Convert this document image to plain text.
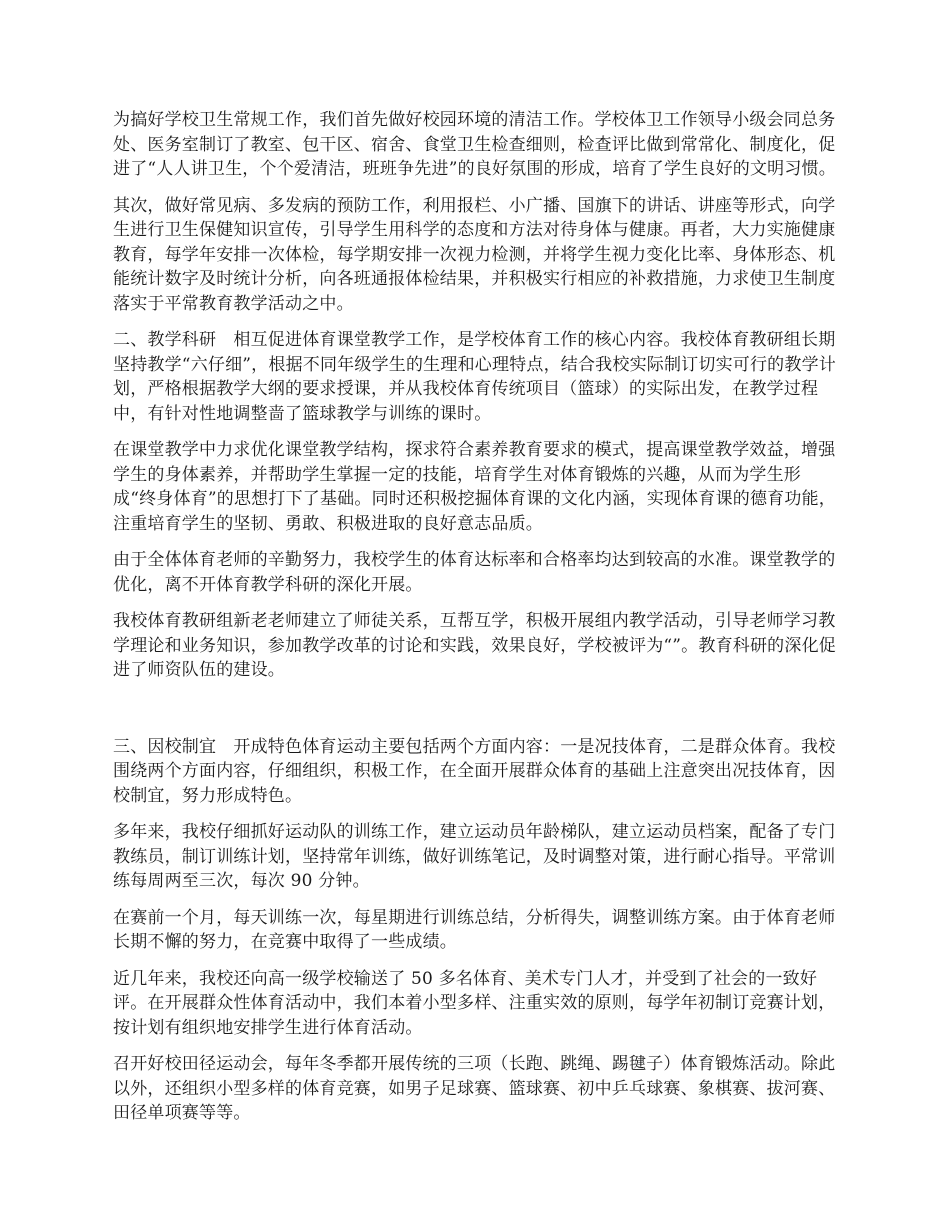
为搞好学校卫生常规工作，我们首先做好校园环境的清洁工作。学校体卫工作领导小级会同总务处、医务室制订了教室、包干区、宿舍、食堂卫生检查细则，检查评比做到常常化、制度化，促进了“人人讲卫生，个个爱清洁，班班争先进”的良好氛围的形成，培育了学生良好的文明习惯。

其次，做好常见病、多发病的预防工作，利用报栏、小广播、国旗下的讲话、讲座等形式，向学生进行卫生保健知识宣传，引导学生用科学的态度和方法对待身体与健康。再者，大力实施健康教育，每学年安排一次体检，每学期安排一次视力检测，并将学生视力变化比率、身体形态、机能统计数字及时统计分析，向各班通报体检结果，并积极实行相应的补救措施，力求使卫生制度落实于平常教育教学活动之中。

二、教学科研　相互促进体育课堂教学工作，是学校体育工作的核心内容。我校体育教研组长期坚持教学“六仔细”，根据不同年级学生的生理和心理特点，结合我校实际制订切实可行的教学计划，严格根据教学大纲的要求授课，并从我校体育传统项目（篮球）的实际出发，在教学过程中，有针对性地调整啬了篮球教学与训练的课时。

在课堂教学中力求优化课堂教学结构，探求符合素养教育要求的模式，提高课堂教学效益，增强学生的身体素养，并帮助学生掌握一定的技能，培育学生对体育锻炼的兴趣，从而为学生形成“终身体育”的思想打下了基础。同时还积极挖掘体育课的文化内涵，实现体育课的德育功能，注重培育学生的坚韧、勇敢、积极进取的良好意志品质。

由于全体体育老师的辛勤努力，我校学生的体育达标率和合格率均达到较高的水准。课堂教学的优化，离不开体育教学科研的深化开展。

我校体育教研组新老老师建立了师徒关系，互帮互学，积极开展组内教学活动，引导老师学习教学理论和业务知识，参加教学改革的讨论和实践，效果良好，学校被评为“”。教育科研的深化促进了师资队伍的建设。

三、因校制宜　开成特色体育运动主要包括两个方面内容：一是况技体育，二是群众体育。我校围绕两个方面内容，仔细组织，积极工作，在全面开展群众体育的基础上注意突出况技体育，因校制宜，努力形成特色。

多年来，我校仔细抓好运动队的训练工作，建立运动员年龄梯队，建立运动员档案，配备了专门教练员，制订训练计划，坚持常年训练，做好训练笔记，及时调整对策，进行耐心指导。平常训练每周两至三次，每次 90 分钟。

在赛前一个月，每天训练一次，每星期进行训练总结，分析得失，调整训练方案。由于体育老师长期不懈的努力，在竞赛中取得了一些成绩。

近几年来，我校还向高一级学校输送了 50 多名体育、美术专门人才，并受到了社会的一致好评。在开展群众性体育活动中，我们本着小型多样、注重实效的原则，每学年初制订竞赛计划，按计划有组织地安排学生进行体育活动。

召开好校田径运动会，每年冬季都开展传统的三项（长跑、跳绳、踢毽子）体育锻炼活动。除此以外，还组织小型多样的体育竞赛，如男子足球赛、篮球赛、初中乒乓球赛、象棋赛、拔河赛、田径单项赛等等。
